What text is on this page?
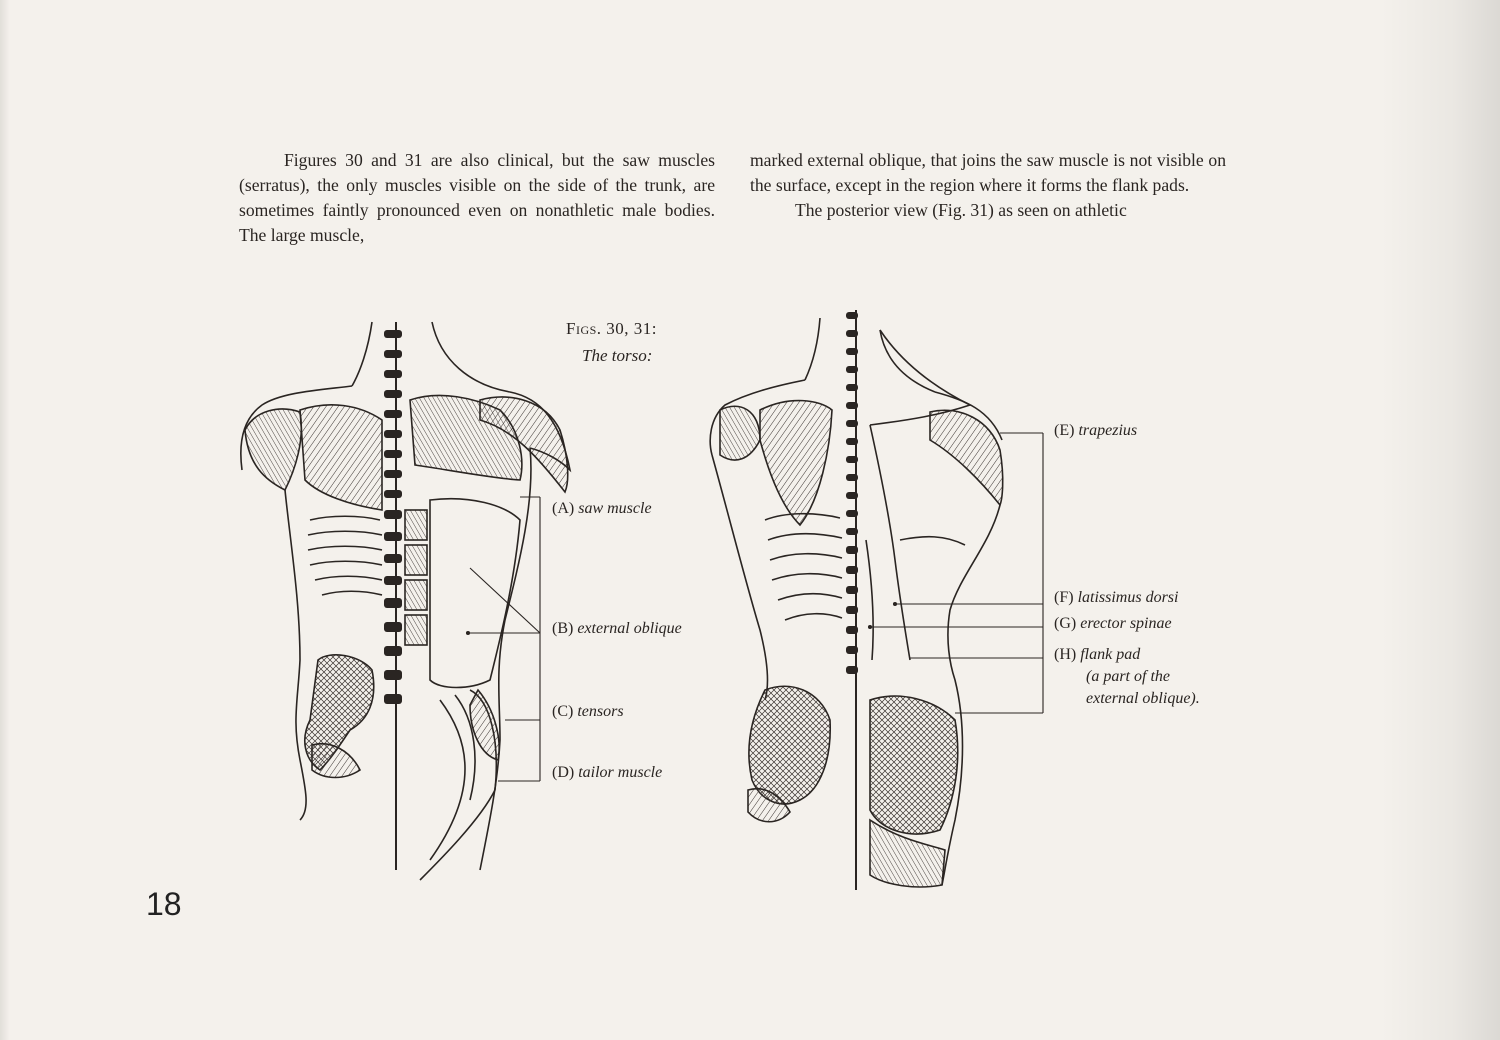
Figures 30 and 31 are also clinical, but the saw muscles (serratus), the only muscles visible on the side of the trunk, are sometimes faintly pronounced even on nonathletic male bodies. The large muscle,

marked external oblique, that joins the saw muscle is not visible on the surface, except in the region where it forms the flank pads.

The posterior view (Fig. 31) as seen on athletic

Figs. 30, 31:
The torso:
(A) saw muscle
(B) external oblique
(C) tensors
(D) tailor muscle
(E) trapezius
(F) latissimus dorsi
(G) erector spinae
(H) flank pad
(a part of the
external oblique).
18
